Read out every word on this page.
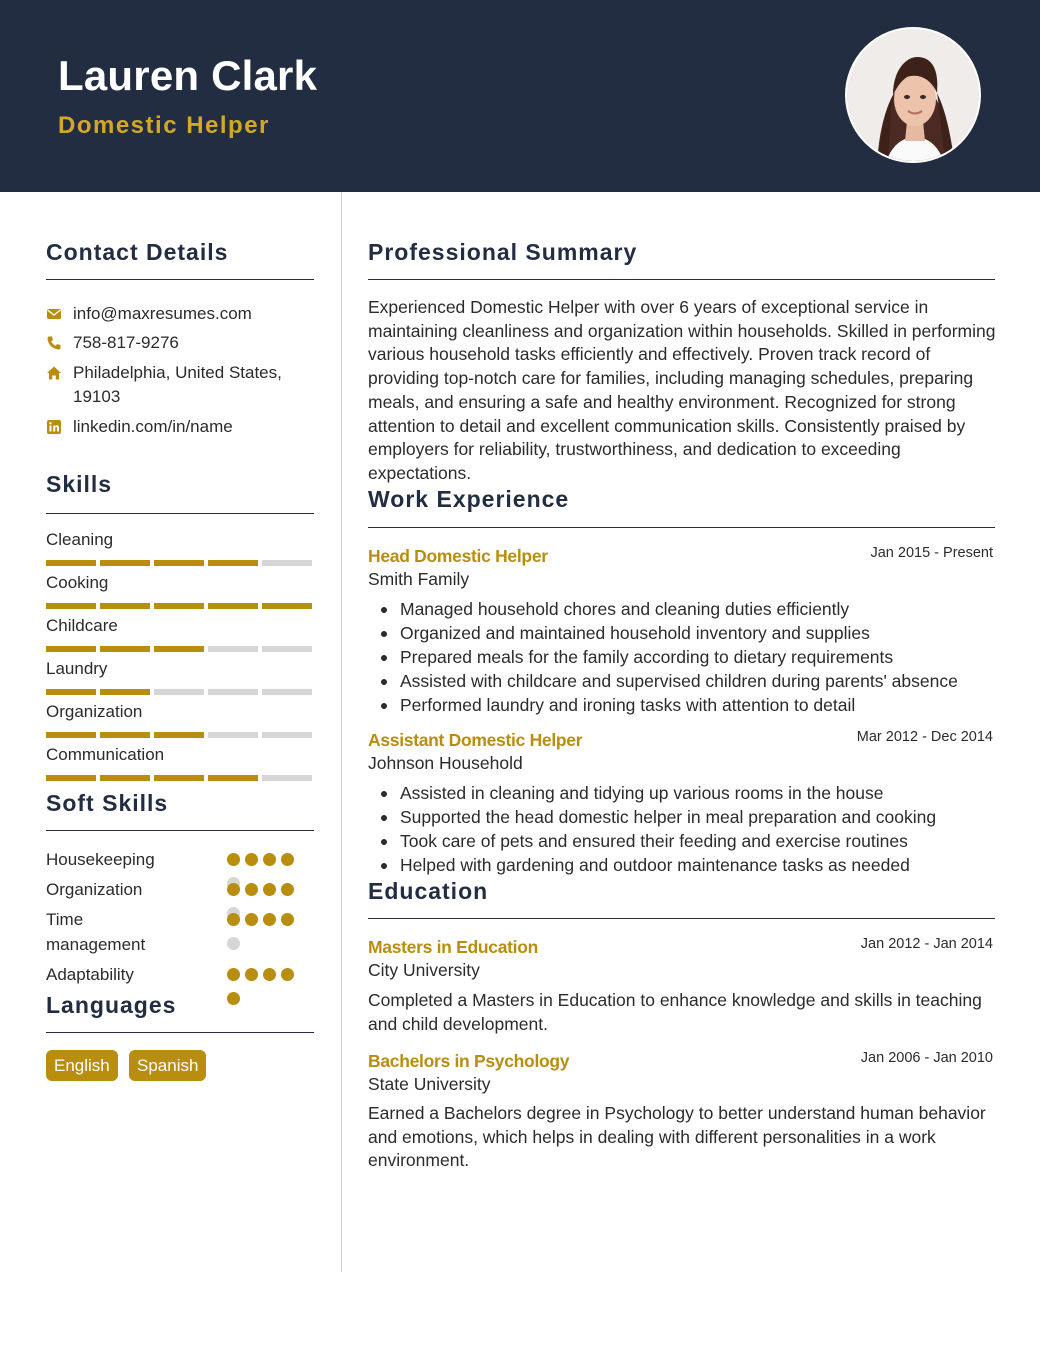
Lauren Clark
Domestic Helper
Contact Details
info@maxresumes.com
758-817-9276
Philadelphia, United States,
19103
linkedin.com/in/name
Skills
Cleaning
Cooking
Childcare
Laundry
Organization
Communication
Soft Skills
Housekeeping
Organization
Time management
Adaptability
Languages
English	Spanish
Professional Summary
Experienced Domestic Helper with over 6 years of exceptional service in maintaining cleanliness and organization within households. Skilled in performing various household tasks efficiently and effectively. Proven track record of providing top-notch care for families, including managing schedules, preparing meals, and ensuring a safe and healthy environment. Recognized for strong attention to detail and excellent communication skills. Consistently praised by employers for reliability, trustworthiness, and dedication to exceeding expectations.
Work Experience
Head Domestic Helper	Jan 2015 - Present
Smith Family
Managed household chores and cleaning duties efficiently
Organized and maintained household inventory and supplies
Prepared meals for the family according to dietary requirements
Assisted with childcare and supervised children during parents' absence
Performed laundry and ironing tasks with attention to detail
Assistant Domestic Helper	Mar 2012 - Dec 2014
Johnson Household
Assisted in cleaning and tidying up various rooms in the house
Supported the head domestic helper in meal preparation and cooking
Took care of pets and ensured their feeding and exercise routines
Helped with gardening and outdoor maintenance tasks as needed
Education
Masters in Education	Jan 2012 - Jan 2014
City University
Completed a Masters in Education to enhance knowledge and skills in teaching and child development.
Bachelors in Psychology	Jan 2006 - Jan 2010
State University
Earned a Bachelors degree in Psychology to better understand human behavior and emotions, which helps in dealing with different personalities in a work environment.
